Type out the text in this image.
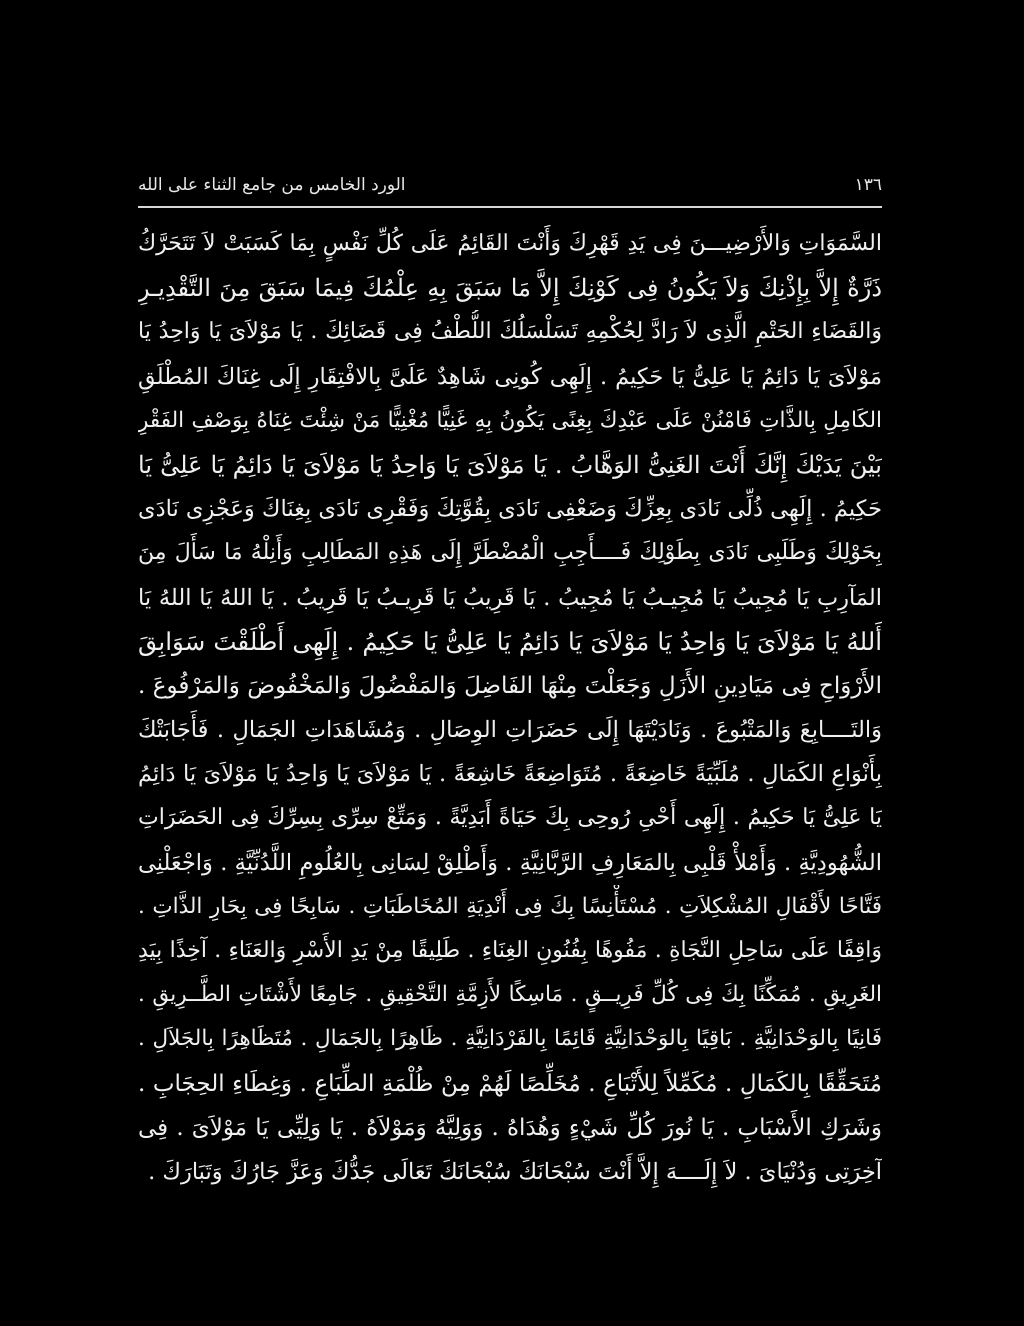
١٣٦
الورد الخامس من جامع الثناء على الله
السَّمَوَاتِ وَالأَرْضِيـــنَ فِى يَدِ قَهْرِكَ وَأَنْتَ القَائِمُ عَلَى كُلِّ نَفْسٍ بِمَا كَسَبَتْ لاَ تَتَحَرَّكُ
ذَرَّةٌ إِلاَّ بِإِذْنِكَ وَلاَ يَكُونُ فِى كَوْنِكَ إِلاَّ مَا سَبَقَ بِهِ عِلْمُكَ فِيمَا سَبَقَ مِنَ التَّقْدِيـرِ
وَالقَضَاءِ الحَتْمِ الَّذِى لاَ رَادَّ لِحُكْمِهِ تَسَلْسَلُكَ اللُّطْفُ فِى قَضَائِكَ . يَا مَوْلاَىَ يَا وَاحِدُ يَا
مَوْلاَىَ يَا دَائِمُ يَا عَلِىُّ يَا حَكِيمُ . إِلَهِى كُونِى شَاهِدٌ عَلَىَّ بِالافْتِقَارِ إِلَى غِنَاكَ المُطْلَقِ
الكَامِلِ بِالذَّاتِ فَامْنُنْ عَلَى عَبْدِكَ بِغِنًى يَكُونُ بِهِ غَنِيًّا مُغْنِيًّا مَنْ شِئْتَ غِنَاهُ بِوَصْفِ الفَقْرِ
بَيْنَ يَدَيْكَ إِنَّكَ أَنْتَ الغَنِىُّ الوَهَّابُ . يَا مَوْلاَىَ يَا وَاحِدُ يَا مَوْلاَىَ يَا دَائِمُ يَا عَلِىُّ يَا
حَكِيمُ . إِلَهِى ذُلِّى نَادَى بِعِزِّكَ وَضَعْفِى نَادَى بِقُوَّتِكَ وَفَقْرِى نَادَى بِغِنَاكَ وَعَجْزِى نَادَى
بِحَوْلِكَ وَطَلَبِى نَادَى بِطَوْلِكَ فَــــأَجِبِ الْمُضْطَرَّ إِلَى هَذِهِ المَطَالِبِ وَأَنِلْهُ مَا سَأَلَ مِنَ
المَآرِبِ يَا مُجِيبُ يَا مُجِيـبُ يَا مُجِيبُ . يَا قَرِيبُ يَا قَرِيـبُ يَا قَرِيبُ . يَا اللهُ يَا اللهُ يَا
أَللهُ يَا مَوْلاَىَ يَا وَاحِدُ يَا مَوْلاَىَ يَا دَائِمُ يَا عَلِىُّ يَا حَكِيمُ . إِلَهِى أَطْلَقْتَ سَوَابِقَ
الأَرْوَاحِ فِى مَيَادِينِ الأَزَلِ وَجَعَلْتَ مِنْهَا الفَاضِلَ وَالمَفْضُولَ وَالمَخْفُوضَ وَالمَرْفُوعَ .
وَالتَــــابِعَ وَالمَتْبُوعَ . وَنَادَيْتَهَا إِلَى حَضَرَاتِ الوِصَالِ . وَمُشَاهَدَاتِ الجَمَالِ . فَأَجَابَتْكَ
بِأَنْوَاعِ الكَمَالِ . مُلَبِّيَةً خَاضِعَةً . مُتَوَاضِعَةً خَاشِعَةً . يَا مَوْلاَىَ يَا وَاحِدُ يَا مَوْلاَىَ يَا دَائِمُ
يَا عَلِىُّ يَا حَكِيمُ . إِلَهِى أَحْىِ رُوحِى بِكَ حَيَاةً أَبَدِيَّةً . وَمَتِّعْ سِرِّى بِسِرِّكَ فِى الحَضَرَاتِ
الشُّهُودِيَّةِ . وَأَمْلأْ قَلْبِى بِالمَعَارِفِ الرَّبَّانِيَّةِ . وَأَطْلِقْ لِسَانِى بِالعُلُومِ اللَّدُنِّيَّةِ . وَاجْعَلْنِى
فَتَّاحًا لأَقْفَالِ المُشْكِلاَتِ . مُسْتَأْنِسًا بِكَ فِى أَنْدِيَةِ المُخَاطَبَاتِ . سَابِحًا فِى بِحَارِ الذَّاتِ .
وَاقِفًا عَلَى سَاحِلِ النَّجَاةِ . مَفُوهًا بِفُنُونِ الغِنَاءِ . طَلِيقًا مِنْ يَدِ الأَسْرِ وَالعَنَاءِ . آخِذًا بِيَدِ
الغَرِيقِ . مُمَكِّنًا بِكَ فِى كُلِّ فَرِيــقٍ . مَاسِكًا لأَزِمَّةِ التَّحْقِيقِ . جَامِعًا لأَشْتَاتِ الطَّــرِيقِ .
فَانِيًا بِالوَحْدَانِيَّةِ . بَاقِيًا بِالوَحْدَانِيَّةِ قَائِمًا بِالفَرْدَانِيَّةِ . ظَاهِرًا بِالجَمَالِ . مُتَظَاهِرًا بِالجَلاَلِ .
مُتَحَقِّقًا بِالكَمَالِ . مُكَمِّلاً لِلأَتْبَاعِ . مُخَلِّصًا لَهُمْ مِنْ ظُلْمَةِ الطِّبَاعِ . وَغِطَاءِ الحِجَابِ .
وَشَرَكِ الأَسْبَابِ . يَا نُورَ كُلِّ شَيْءٍ وَهُدَاهُ . وَوَلِيَّهُ وَمَوْلاَهُ . يَا وَلِيِّى يَا مَوْلاَىَ . فِى
آخِرَتِى وَدُنْيَاىَ . لاَ إِلَــــهَ إِلاَّ أَنْتَ سُبْحَانَكَ سُبْحَانَكَ تَعَالَى جَدُّكَ وَعَزَّ جَارُكَ وَتَبَارَكَ .
